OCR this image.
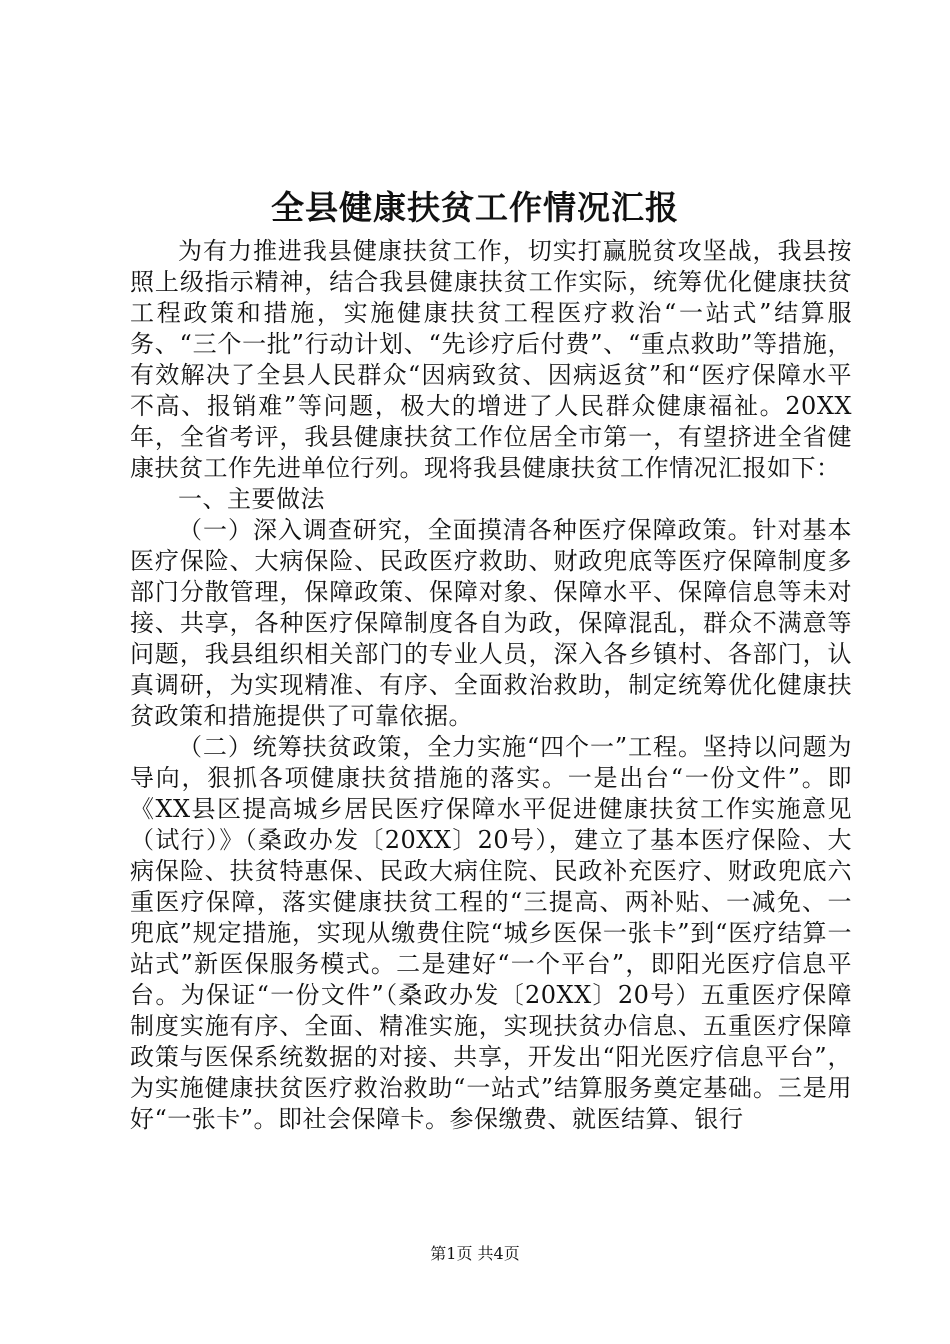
全县健康扶贫工作情况汇报

为有力推进我县健康扶贫工作，切实打赢脱贫攻坚战，我县按照上级指示精神，结合我县健康扶贫工作实际，统筹优化健康扶贫工程政策和措施，实施健康扶贫工程医疗救治“一站式”结算服务、“三个一批”行动计划、“先诊疗后付费”、“重点救助”等措施，有效解决了全县人民群众“因病致贫、因病返贫”和“医疗保障水平不高、报销难”等问题，极大的增进了人民群众健康福祉。20XX年，全省考评，我县健康扶贫工作位居全市第一，有望挤进全省健康扶贫工作先进单位行列。现将我县健康扶贫工作情况汇报如下：

一、主要做法

（一）深入调查研究，全面摸清各种医疗保障政策。针对基本医疗保险、大病保险、民政医疗救助、财政兜底等医疗保障制度多部门分散管理，保障政策、保障对象、保障水平、保障信息等未对接、共享，各种医疗保障制度各自为政，保障混乱，群众不满意等问题，我县组织相关部门的专业人员，深入各乡镇村、各部门，认真调研，为实现精准、有序、全面救治救助，制定统筹优化健康扶贫政策和措施提供了可靠依据。

（二）统筹扶贫政策，全力实施“四个一”工程。坚持以问题为导向，狠抓各项健康扶贫措施的落实。一是出台“一份文件”。即《XX县区提高城乡居民医疗保障水平促进健康扶贫工作实施意见（试行）》（桑政办发〔20XX〕20号），建立了基本医疗保险、大病保险、扶贫特惠保、民政大病住院、民政补充医疗、财政兜底六重医疗保障，落实健康扶贫工程的“三提高、两补贴、一减免、一兜底”规定措施，实现从缴费住院“城乡医保一张卡”到“医疗结算一站式”新医保服务模式。二是建好“一个平台”，即阳光医疗信息平台。为保证“一份文件”（桑政办发〔20XX〕20号）五重医疗保障制度实施有序、全面、精准实施，实现扶贫办信息、五重医疗保障政策与医保系统数据的对接、共享，开发出“阳光医疗信息平台”，为实施健康扶贫医疗救治救助“一站式”结算服务奠定基础。三是用好“一张卡”。即社会保障卡。参保缴费、就医结算、银行

第1页 共4页
